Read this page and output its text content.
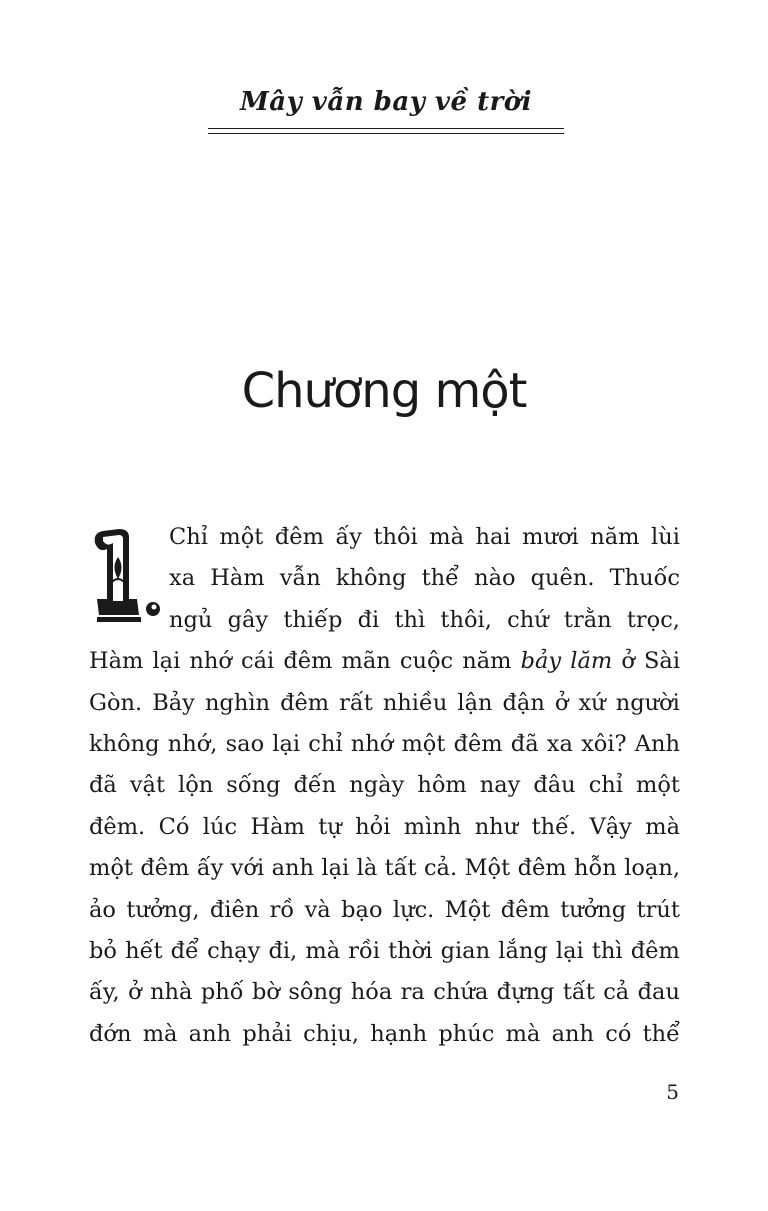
Mây vẫn bay về trời
Chương một
Chỉ một đêm ấy thôi mà hai mươi năm lùi
xa Hàm vẫn không thể nào quên. Thuốc
ngủ gây thiếp đi thì thôi, chứ trằn trọc,
Hàm lại nhớ cái đêm mãn cuộc năm bảy lăm ở Sài
Gòn. Bảy nghìn đêm rất nhiều lận đận ở xứ người
không nhớ, sao lại chỉ nhớ một đêm đã xa xôi? Anh
đã vật lộn sống đến ngày hôm nay đâu chỉ một
đêm. Có lúc Hàm tự hỏi mình như thế. Vậy mà
một đêm ấy với anh lại là tất cả. Một đêm hỗn loạn,
ảo tưởng, điên rồ và bạo lực. Một đêm tưởng trút
bỏ hết để chạy đi, mà rồi thời gian lắng lại thì đêm
ấy, ở nhà phố bờ sông hóa ra chứa đựng tất cả đau
đớn mà anh phải chịu, hạnh phúc mà anh có thể
5
